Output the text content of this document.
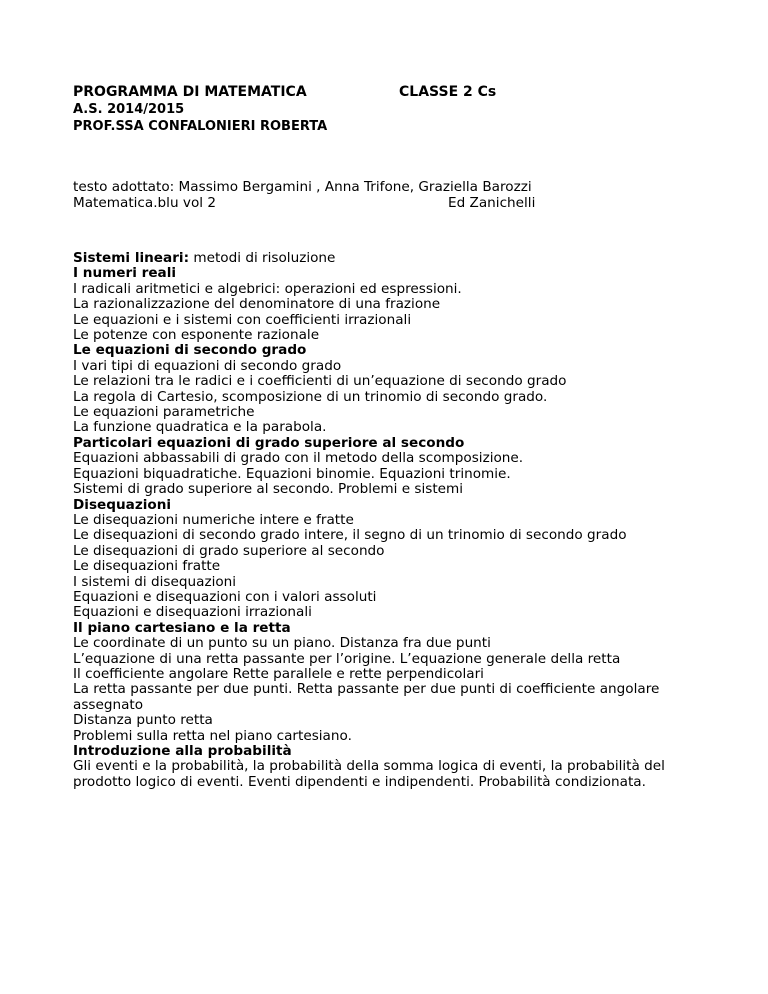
PROGRAMMA DI MATEMATICA	CLASSE 2 Cs
A.S. 2014/2015
PROF.SSA CONFALONIERI ROBERTA
testo adottato: Massimo Bergamini , Anna Trifone, Graziella Barozzi
Matematica.blu vol 2	Ed Zanichelli
Sistemi lineari: metodi di risoluzione
I numeri reali
I radicali aritmetici e algebrici: operazioni ed espressioni.
La razionalizzazione del denominatore di una frazione
Le equazioni e i sistemi con coefficienti irrazionali
Le potenze con esponente razionale
Le equazioni di secondo grado
I vari tipi di equazioni di secondo grado
Le relazioni tra le radici e i coefficienti di un’equazione di secondo grado
La regola di Cartesio, scomposizione di un trinomio di secondo grado.
Le equazioni parametriche
La funzione quadratica e la parabola.
Particolari equazioni di grado superiore al secondo
Equazioni abbassabili di grado con il metodo della scomposizione.
Equazioni biquadratiche. Equazioni binomie. Equazioni trinomie.
Sistemi di grado superiore al secondo. Problemi e sistemi
Disequazioni
Le disequazioni numeriche intere e fratte
Le disequazioni di secondo grado intere, il segno di un trinomio di secondo grado
Le disequazioni di grado superiore al secondo
Le disequazioni fratte
I sistemi di disequazioni
Equazioni e disequazioni con i valori assoluti
Equazioni e disequazioni irrazionali
Il piano cartesiano e la retta
Le coordinate di un punto su un piano. Distanza fra due punti
L’equazione di una retta passante per l’origine. L’equazione generale della retta
Il coefficiente angolare Rette parallele e rette perpendicolari
La retta passante per due punti. Retta passante per due punti di coefficiente angolare assegnato
Distanza punto retta
Problemi sulla retta nel piano cartesiano.
Introduzione alla probabilità
Gli eventi e la probabilità, la probabilità della somma logica di eventi, la probabilità del prodotto logico di eventi. Eventi dipendenti e indipendenti. Probabilità condizionata.
